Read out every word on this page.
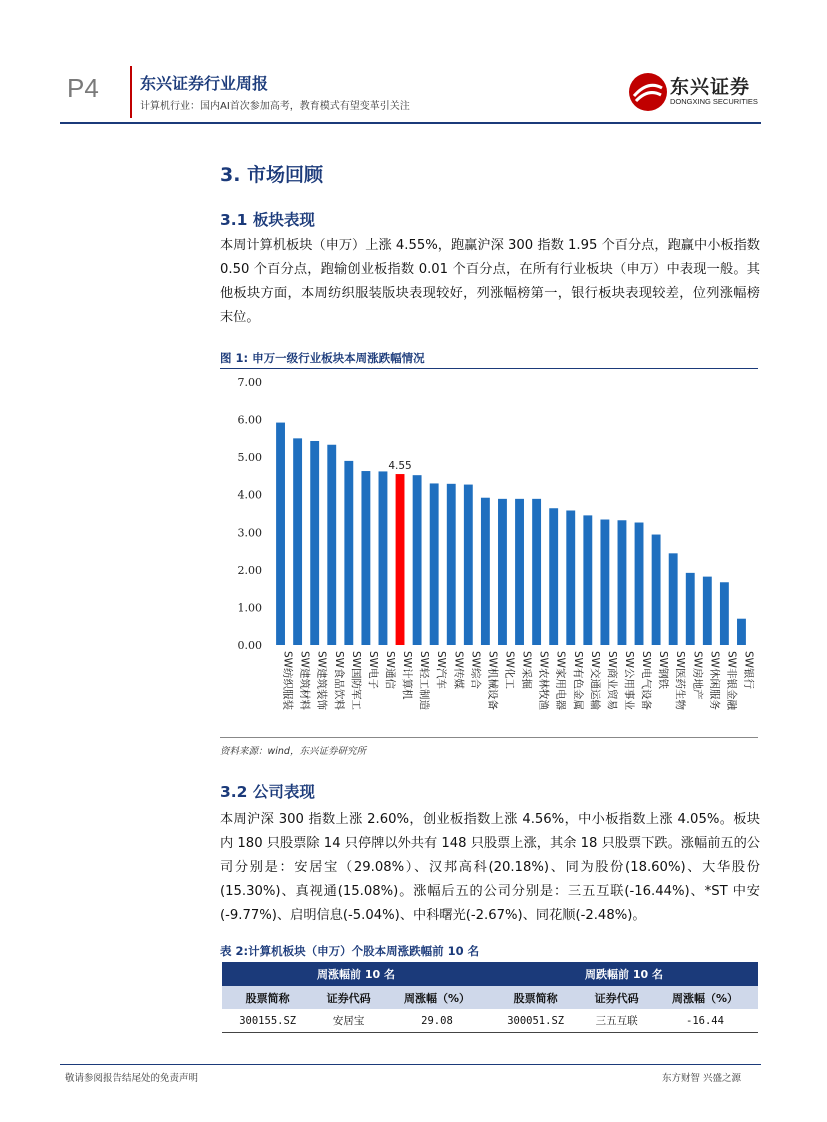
P4	东兴证券行业周报
计算机行业：国内AI首次参加高考，教育模式有望变革引关注
东兴证券
DONGXING SECURITIES
3. 市场回顾
3.1 板块表现
本周计算机板块（申万）上涨 4.55%，跑赢沪深 300 指数 1.95 个百分点，跑赢中小板指数 0.50 个百分点，跑输创业板指数 0.01 个百分点，在所有行业板块（申万）中表现一般。其他板块方面，本周纺织服装版块表现较好，列涨幅榜第一，银行板块表现较差，位列涨幅榜末位。
图 1: 申万一级行业板块本周涨跌幅情况
7.00
6.00
5.00
4.00
3.00
2.00
1.00
0.00
SW纺织服装 SW建筑材料 SW建筑装饰 SW食品饮料 SW国防军工 SW电子 SW通信 SW计算机
4.55
SW轻工制造 SW汽车 SW传媒 SW综合 SW机械设备 SW化工 SW采掘 SW农林牧渔 SW家用电器 SW有色金属 SW交通运输 SW商业贸易 SW公用事业 SW电气设备 SW钢铁 SW医药生物 SW房地产 SW休闲服务 SW非银金融 SW银行
资料来源：wind，东兴证券研究所
3.2 公司表现
本周沪深 300 指数上涨 2.60%，创业板指数上涨 4.56%，中小板指数上涨 4.05%。板块内 180 只股票除 14 只停牌以外共有 148 只股票上涨，其余 18 只股票下跌。涨幅前五的公司分别是：安居宝（29.08%）、汉邦高科(20.18%)、同为股份(18.60%)、大华股份(15.30%)、真视通(15.08%)。涨幅后五的公司分别是：三五互联(-16.44%)、*ST 中安(-9.77%)、启明信息(-5.04%)、中科曙光(-2.67%)、同花顺(-2.48%)。
表 2:计算机板块（申万）个股本周涨跌幅前 10 名
周涨幅前 10 名			周跌幅前 10 名		
股票简称	证券代码	周涨幅（%）	股票简称	证券代码	周涨幅（%）
300155.SZ	安居宝	29.08	300051.SZ	三五互联	-16.44
敬请参阅报告结尾处的免责声明	东方财智 兴盛之源
